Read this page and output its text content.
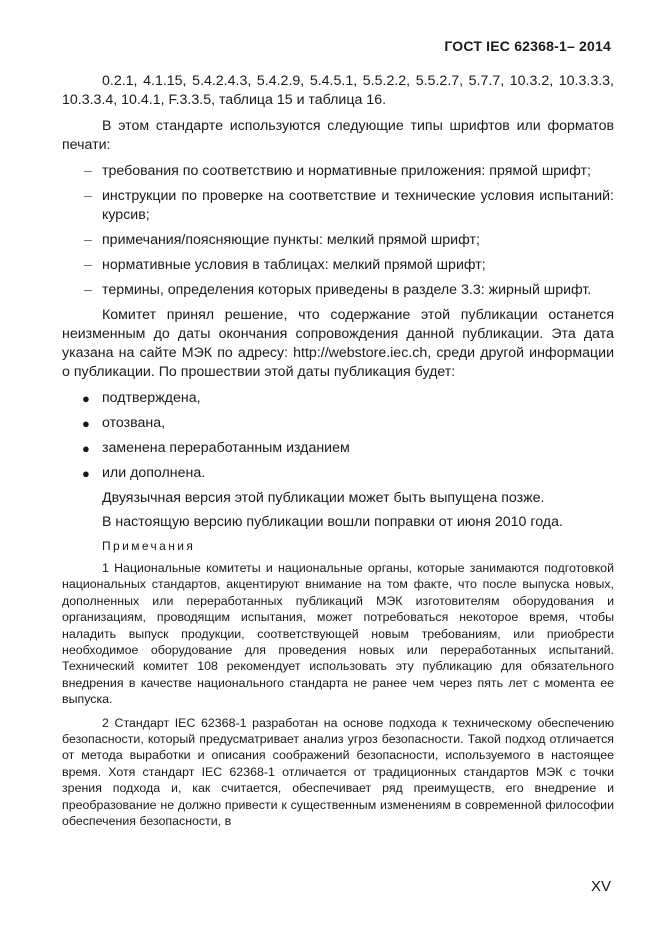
ГОСТ IEC 62368-1– 2014

0.2.1, 4.1.15, 5.4.2.4.3, 5.4.2.9, 5.4.5.1, 5.5.2.2, 5.5.2.7, 5.7.7, 10.3.2, 10.3.3.3, 10.3.3.4, 10.4.1, F.3.3.5, таблица 15 и таблица 16.

В этом стандарте используются следующие типы шрифтов или форматов печати:

– требования по соответствию и нормативные приложения: прямой шрифт;
– инструкции по проверке на соответствие и технические условия испытаний: курсив;
– примечания/поясняющие пункты: мелкий прямой шрифт;
– нормативные условия в таблицах: мелкий прямой шрифт;
– термины, определения которых приведены в разделе 3.3: жирный шрифт.

Комитет принял решение, что содержание этой публикации останется неизменным до даты окончания сопровождения данной публикации. Эта дата указана на сайте МЭК по адресу: http://webstore.iec.ch, среди другой информации о публикации. По прошествии этой даты публикация будет:

● подтверждена,
● отозвана,
● заменена переработанным изданием
● или дополнена.

Двуязычная версия этой публикации может быть выпущена позже.

В настоящую версию публикации вошли поправки от июня 2010 года.

Примечания

1 Национальные комитеты и национальные органы, которые занимаются подготовкой национальных стандартов, акцентируют внимание на том факте, что после выпуска новых, дополненных или переработанных публикаций МЭК изготовителям оборудования и организациям, проводящим испытания, может потребоваться некоторое время, чтобы наладить выпуск продукции, соответствующей новым требованиям, или приобрести необходимое оборудование для проведения новых или переработанных испытаний. Технический комитет 108 рекомендует использовать эту публикацию для обязательного внедрения в качестве национального стандарта не ранее чем через пять лет с момента ее выпуска.

2 Стандарт IEC 62368-1 разработан на основе подхода к техническому обеспечению безопасности, который предусматривает анализ угроз безопасности. Такой подход отличается от метода выработки и описания соображений безопасности, используемого в настоящее время. Хотя стандарт IEC 62368-1 отличается от традиционных стандартов МЭК с точки зрения подхода и, как считается, обеспечивает ряд преимуществ, его внедрение и преобразование не должно привести к существенным изменениям в современной философии обеспечения безопасности, в

XV
